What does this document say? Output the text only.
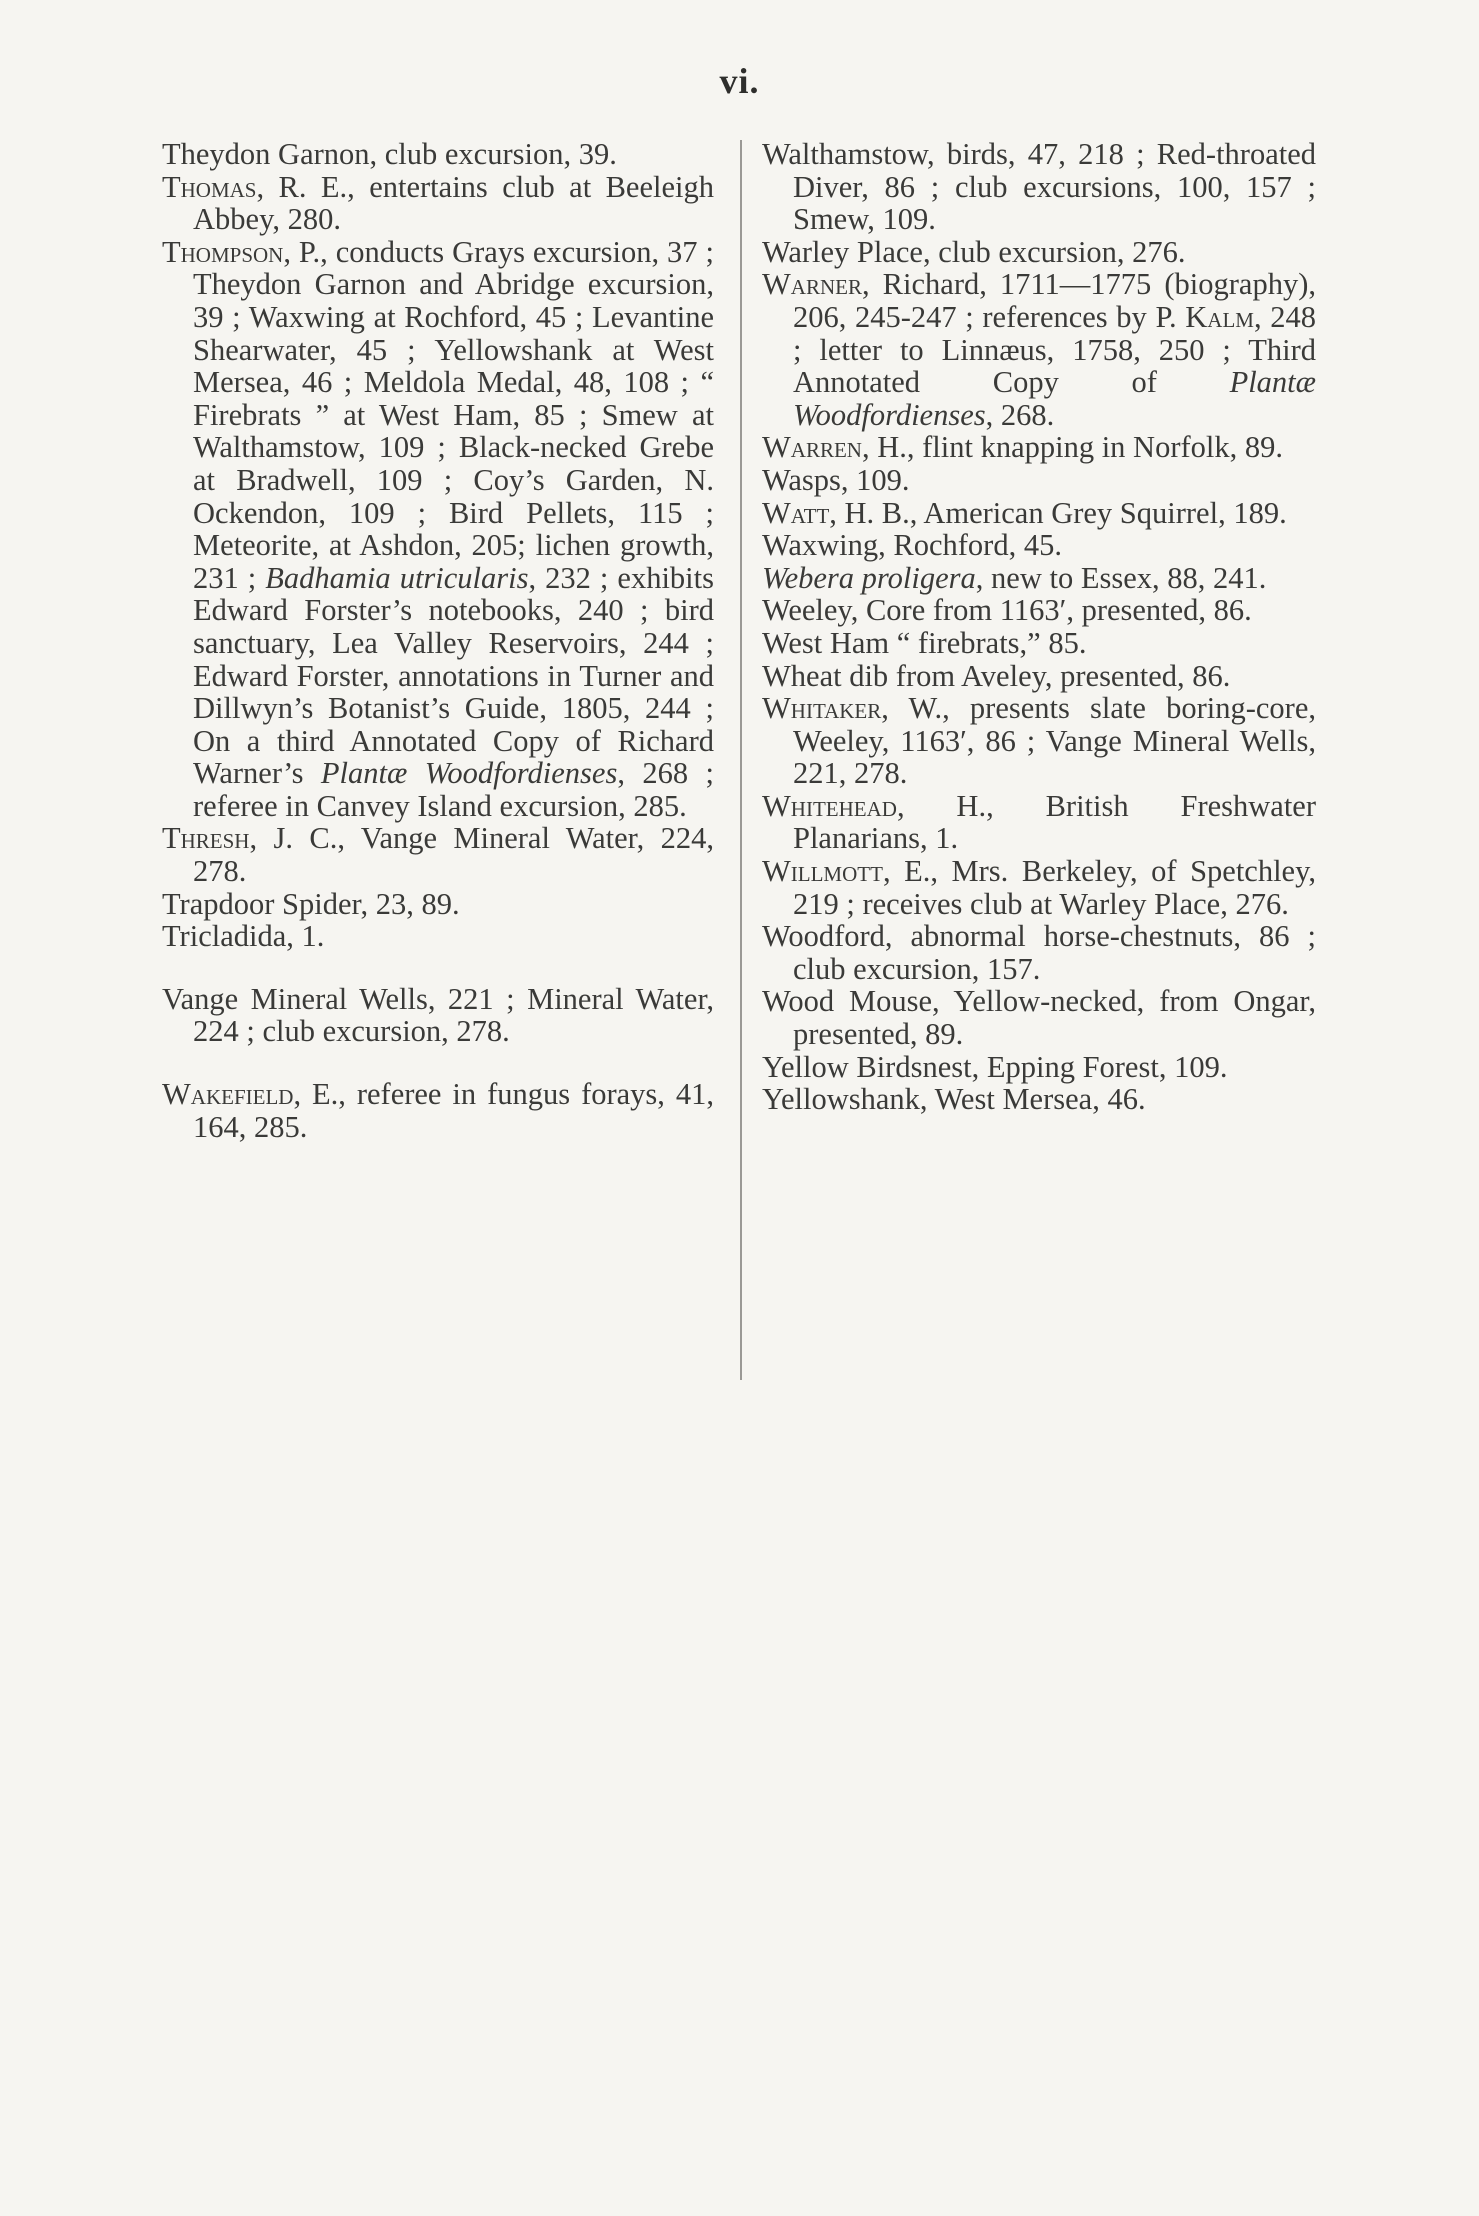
vi.

Theydon Garnon, club excursion, 39.

Thomas, R. E., entertains club at Beeleigh Abbey, 280.

Thompson, P., conducts Grays excursion, 37 ; Theydon Garnon and Abridge excursion, 39 ; Waxwing at Rochford, 45 ; Levantine Shearwater, 45 ; Yellowshank at West Mersea, 46 ; Meldola Medal, 48, 108 ; “ Firebrats ” at West Ham, 85 ; Smew at Walthamstow, 109 ; Black-necked Grebe at Bradwell, 109 ; Coy’s Garden, N. Ockendon, 109 ; Bird Pellets, 115 ; Meteorite, at Ashdon, 205; lichen growth, 231 ; Badhamia utricularis, 232 ; exhibits Edward Forster’s notebooks, 240 ; bird sanctuary, Lea Valley Reservoirs, 244 ; Edward Forster, annotations in Turner and Dillwyn’s Botanist’s Guide, 1805, 244 ; On a third Annotated Copy of Richard Warner’s Plantæ Woodfordienses, 268 ; referee in Canvey Island excursion, 285.

Thresh, J. C., Vange Mineral Water, 224, 278.

Trapdoor Spider, 23, 89.

Tricladida, 1.

Vange Mineral Wells, 221 ; Mineral Water, 224 ; club excursion, 278.

Wakefield, E., referee in fungus forays, 41, 164, 285.

Walthamstow, birds, 47, 218 ; Red-throated Diver, 86 ; club excursions, 100, 157 ; Smew, 109.

Warley Place, club excursion, 276.

Warner, Richard, 1711—1775 (biography), 206, 245-247 ; references by P. Kalm, 248 ; letter to Linnæus, 1758, 250 ; Third Annotated Copy of Plantæ Woodfordienses, 268.

Warren, H., flint knapping in Norfolk, 89.

Wasps, 109.

Watt, H. B., American Grey Squirrel, 189.

Waxwing, Rochford, 45.

Webera proligera, new to Essex, 88, 241.

Weeley, Core from 1163′, presented, 86.

West Ham “ firebrats,” 85.

Wheat dib from Aveley, presented, 86.

Whitaker, W., presents slate boring-core, Weeley, 1163′, 86 ; Vange Mineral Wells, 221, 278.

Whitehead, H., British Freshwater Planarians, 1.

Willmott, E., Mrs. Berkeley, of Spetchley, 219 ; receives club at Warley Place, 276.

Woodford, abnormal horse-chestnuts, 86 ; club excursion, 157.

Wood Mouse, Yellow-necked, from Ongar, presented, 89.

Yellow Birdsnest, Epping Forest, 109.

Yellowshank, West Mersea, 46.
